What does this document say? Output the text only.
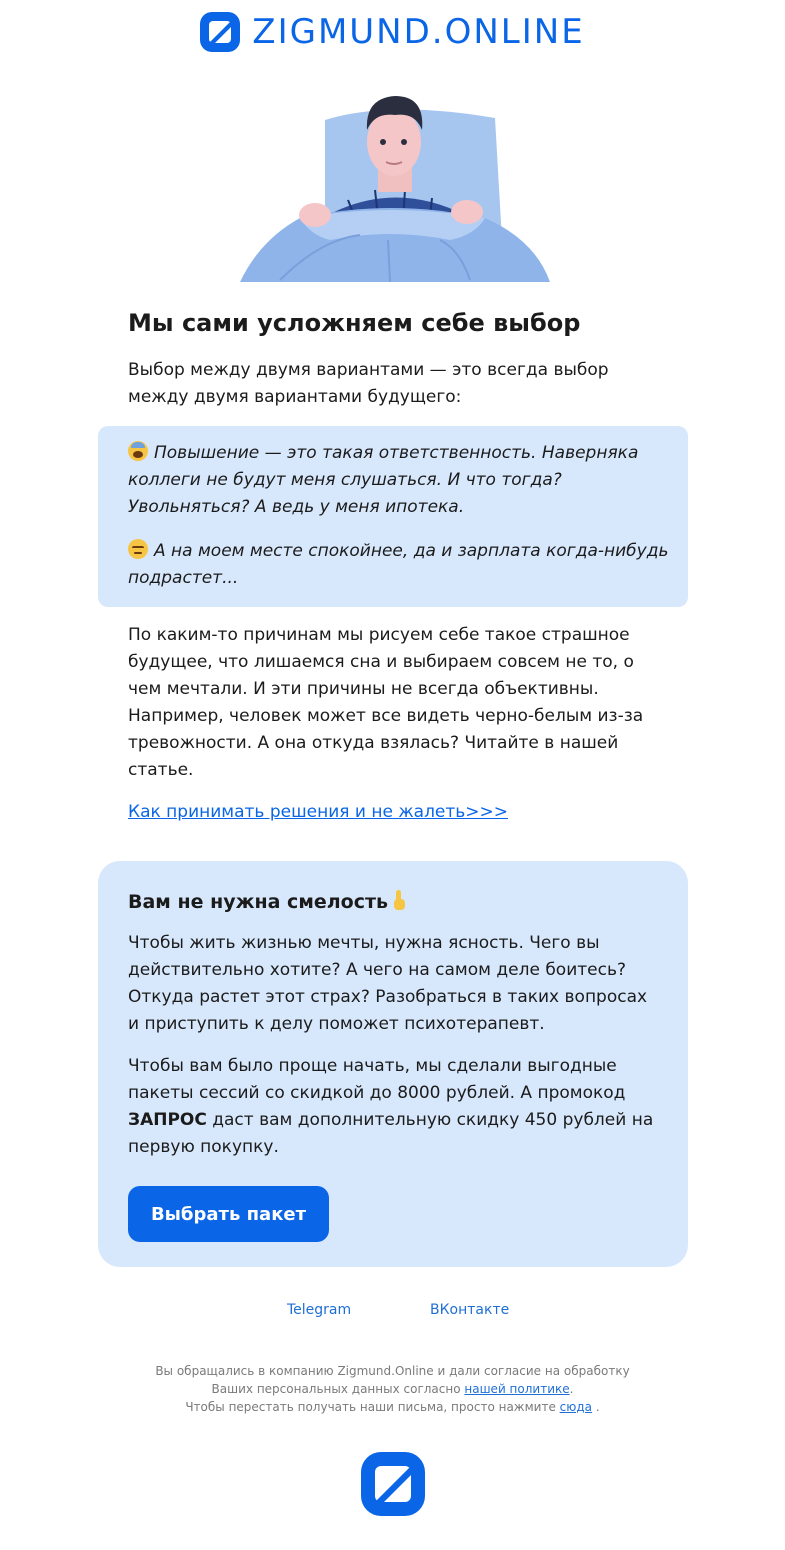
ZIGMUND.ONLINE
Мы сами усложняем себе выбор
Выбор между двумя вариантами — это всегда выбор между двумя вариантами будущего:
Повышение — это такая ответственность. Наверняка коллеги не будут меня слушаться. И что тогда? Увольняться? А ведь у меня ипотека.
А на моем месте спокойнее, да и зарплата когда-нибудь подрастет...
По каким-то причинам мы рисуем себе такое страшное будущее, что лишаемся сна и выбираем совсем не то, о чем мечтали. И эти причины не всегда объективны. Например, человек может все видеть черно-белым из-за тревожности. А она откуда взялась? Читайте в нашей статье.
Как принимать решения и не жалеть>>>
Вам не нужна смелость
Чтобы жить жизнью мечты, нужна ясность. Чего вы действительно хотите? А чего на самом деле боитесь? Откуда растет этот страх? Разобраться в таких вопросах и приступить к делу поможет психотерапевт.
Чтобы вам было проще начать, мы сделали выгодные пакеты сессий со скидкой до 8000 рублей. А промокод ЗАПРОС даст вам дополнительную скидку 450 рублей на первую покупку.
Выбрать пакет
Telegram	ВКонтакте
Вы обращались в компанию Zigmund.Online и дали согласие на обработку Ваших персональных данных согласно нашей политике.
Чтобы перестать получать наши письма, просто нажмите сюда .
